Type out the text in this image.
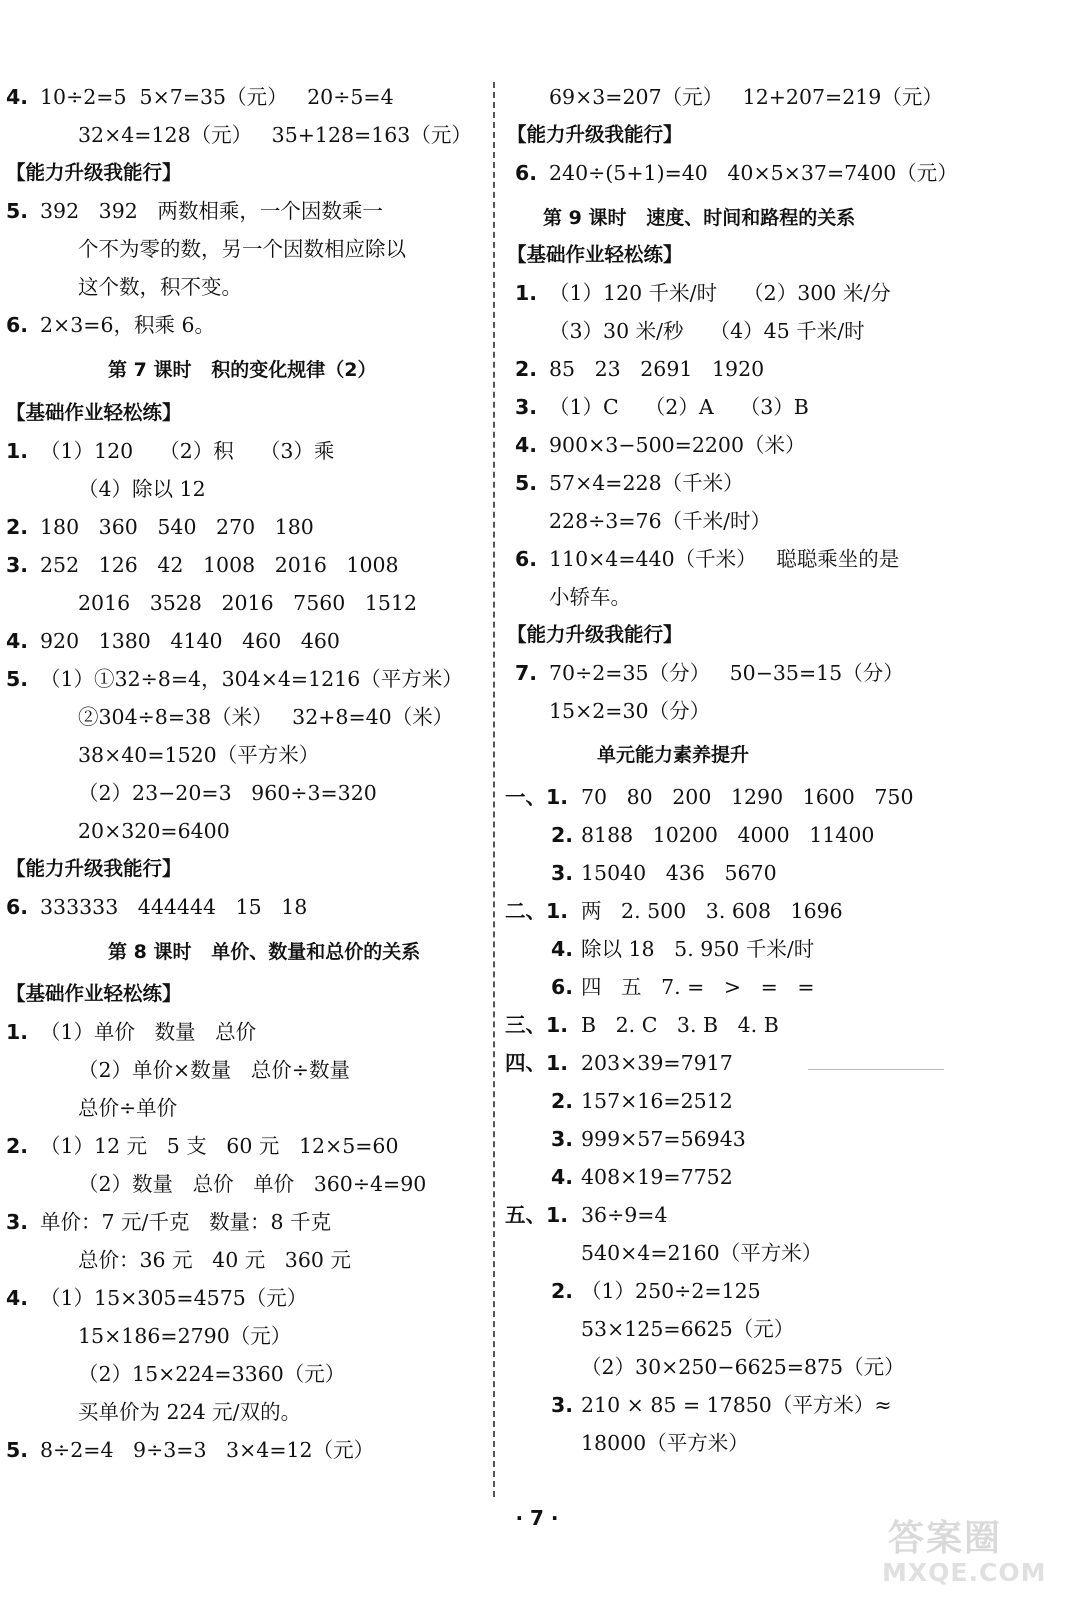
4. 10÷2=5  5×7=35（元）   20÷5=4
32×4=128（元）   35+128=163（元）
【能力升级我能行】
5. 392   392   两数相乘，一个因数乘一
个不为零的数，另一个因数相应除以
这个数，积不变。
6. 2×3=6，积乘 6。
第 7 课时   积的变化规律（2）
【基础作业轻松练】
1. （1）120    （2）积    （3）乘
（4）除以 12
2. 180   360   540   270   180
3. 252   126   42   1008   2016   1008
2016   3528   2016   7560   1512
4. 920   1380   4140   460   460
5. （1）①32÷8=4，304×4=1216（平方米）
②304÷8=38（米）   32+8=40（米）
38×40=1520（平方米）
（2）23−20=3   960÷3=320
20×320=6400
【能力升级我能行】
6. 333333   444444   15   18
第 8 课时   单价、数量和总价的关系
【基础作业轻松练】
1. （1）单价   数量   总价
（2）单价×数量   总价÷数量
总价÷单价
2. （1）12 元   5 支   60 元   12×5=60
（2）数量   总价   单价   360÷4=90
3. 单价：7 元/千克   数量：8 千克
总价：36 元   40 元   360 元
4. （1）15×305=4575（元）
15×186=2790（元）
（2）15×224=3360（元）
买单价为 224 元/双的。
5. 8÷2=4   9÷3=3   3×4=12（元）
69×3=207（元）   12+207=219（元）
【能力升级我能行】
6. 240÷(5+1)=40   40×5×37=7400（元）
第 9 课时   速度、时间和路程的关系
【基础作业轻松练】
1. （1）120 千米/时    （2）300 米/分
（3）30 米/秒    （4）45 千米/时
2. 85   23   2691   1920
3. （1）C    （2）A    （3）B
4. 900×3−500=2200（米）
5. 57×4=228（千米）
228÷3=76（千米/时）
6. 110×4=440（千米）   聪聪乘坐的是
小轿车。
【能力升级我能行】
7. 70÷2=35（分）   50−35=15（分）
15×2=30（分）
单元能力素养提升
一、1. 70   80   200   1290   1600   750
2. 8188   10200   4000   11400
3. 15040   436   5670
二、1. 两   2. 500   3. 608   1696
4. 除以 18   5. 950 千米/时
6. 四   五   7. =   >   =   =
三、1. B   2. C   3. B   4. B
四、1. 203×39=7917
2. 157×16=2512
3. 999×57=56943
4. 408×19=7752
五、1. 36÷9=4
540×4=2160（平方米）
2. （1）250÷2=125
53×125=6625（元）
（2）30×250−6625=875（元）
3. 210 × 85 = 17850（平方米）≈
18000（平方米）
· 7 ·	答案圈
MXQE.COM
